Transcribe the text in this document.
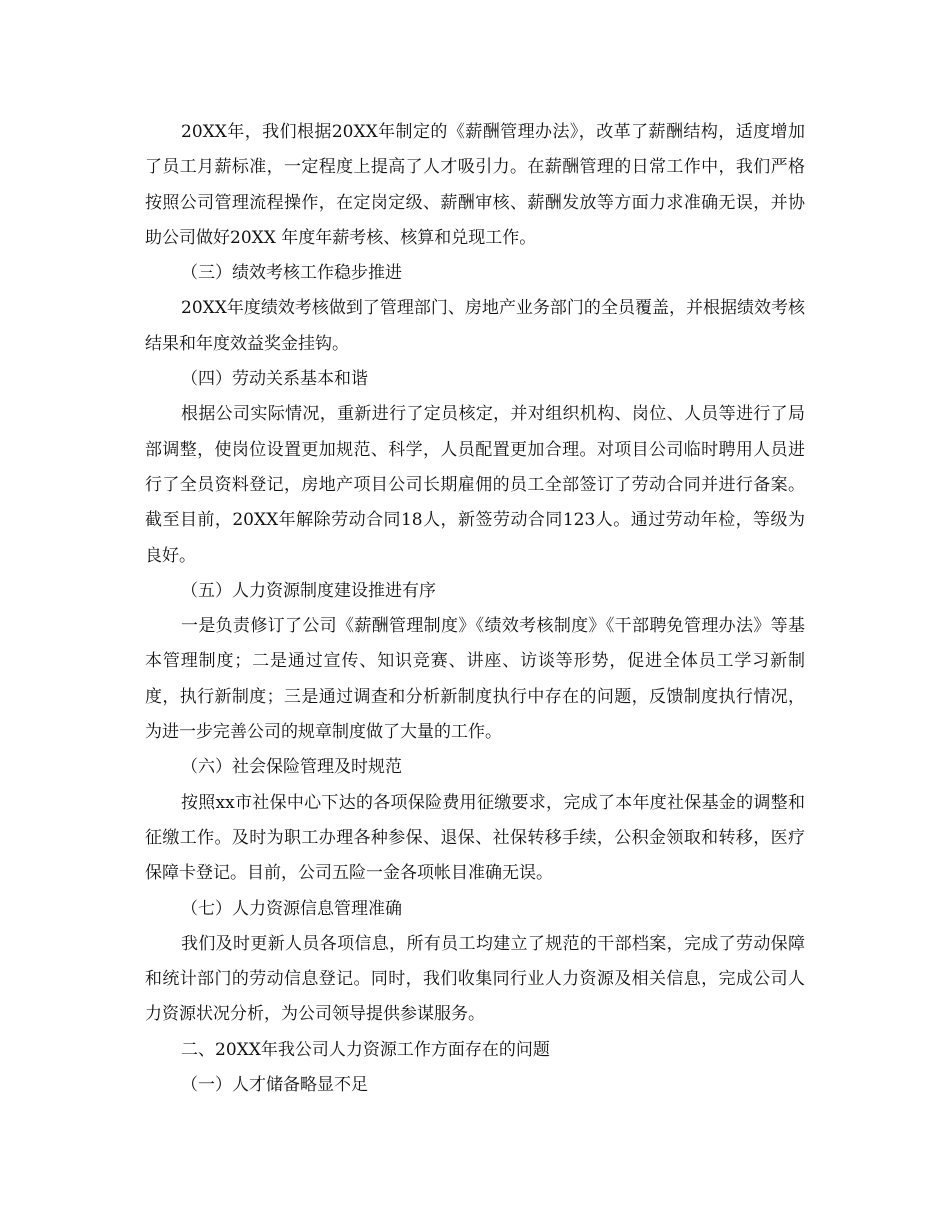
20XX年，我们根据20XX年制定的《薪酬管理办法》，改革了薪酬结构，适度增加了员工月薪标准，一定程度上提高了人才吸引力。在薪酬管理的日常工作中，我们严格按照公司管理流程操作，在定岗定级、薪酬审核、薪酬发放等方面力求准确无误，并协助公司做好20XX 年度年薪考核、核算和兑现工作。

（三）绩效考核工作稳步推进

20XX年度绩效考核做到了管理部门、房地产业务部门的全员覆盖，并根据绩效考核结果和年度效益奖金挂钩。

（四）劳动关系基本和谐

根据公司实际情况，重新进行了定员核定，并对组织机构、岗位、人员等进行了局部调整，使岗位设置更加规范、科学，人员配置更加合理。对项目公司临时聘用人员进行了全员资料登记，房地产项目公司长期雇佣的员工全部签订了劳动合同并进行备案。截至目前，20XX年解除劳动合同18人，新签劳动合同123人。通过劳动年检，等级为良好。

（五）人力资源制度建设推进有序

一是负责修订了公司《薪酬管理制度》《绩效考核制度》《干部聘免管理办法》等基本管理制度；二是通过宣传、知识竞赛、讲座、访谈等形势，促进全体员工学习新制度，执行新制度；三是通过调查和分析新制度执行中存在的问题，反馈制度执行情况，为进一步完善公司的规章制度做了大量的工作。

（六）社会保险管理及时规范

按照xx市社保中心下达的各项保险费用征缴要求，完成了本年度社保基金的调整和征缴工作。及时为职工办理各种参保、退保、社保转移手续，公积金领取和转移，医疗保障卡登记。目前，公司五险一金各项帐目准确无误。

（七）人力资源信息管理准确

我们及时更新人员各项信息，所有员工均建立了规范的干部档案，完成了劳动保障和统计部门的劳动信息登记。同时，我们收集同行业人力资源及相关信息，完成公司人力资源状况分析，为公司领导提供参谋服务。

二、20XX年我公司人力资源工作方面存在的问题

（一）人才储备略显不足
